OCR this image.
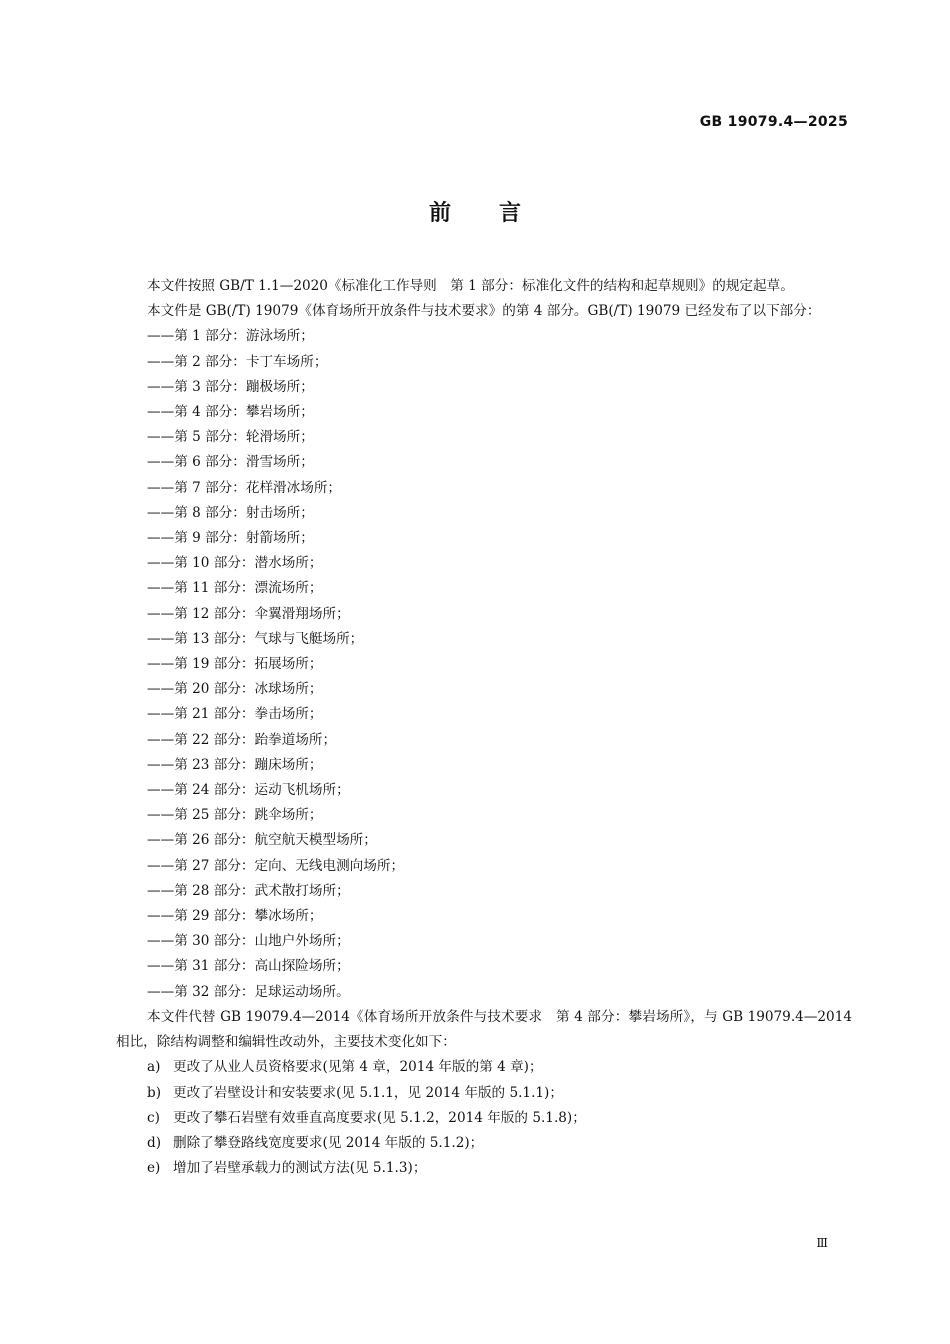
GB 19079.4—2025
前言

本文件按照 GB/T 1.1—2020《标准化工作导则　第 1 部分：标准化文件的结构和起草规则》的规定起草。

本文件是 GB(/T) 19079《体育场所开放条件与技术要求》的第 4 部分。GB(/T) 19079 已经发布了以下部分：

——第 1 部分：游泳场所；
——第 2 部分：卡丁车场所；
——第 3 部分：蹦极场所；
——第 4 部分：攀岩场所；
——第 5 部分：轮滑场所；
——第 6 部分：滑雪场所；
——第 7 部分：花样滑冰场所；
——第 8 部分：射击场所；
——第 9 部分：射箭场所；
——第 10 部分：潜水场所；
——第 11 部分：漂流场所；
——第 12 部分：伞翼滑翔场所；
——第 13 部分：气球与飞艇场所；
——第 19 部分：拓展场所；
——第 20 部分：冰球场所；
——第 21 部分：拳击场所；
——第 22 部分：跆拳道场所；
——第 23 部分：蹦床场所；
——第 24 部分：运动飞机场所；
——第 25 部分：跳伞场所；
——第 26 部分：航空航天模型场所；
——第 27 部分：定向、无线电测向场所；
——第 28 部分：武术散打场所；
——第 29 部分：攀冰场所；
——第 30 部分：山地户外场所；
——第 31 部分：高山探险场所；
——第 32 部分：足球运动场所。

本文件代替 GB 19079.4—2014《体育场所开放条件与技术要求　第 4 部分：攀岩场所》，与 GB 19079.4—2014 相比，除结构调整和编辑性改动外，主要技术变化如下：

a) 更改了从业人员资格要求(见第 4 章，2014 年版的第 4 章)；
b) 更改了岩壁设计和安装要求(见 5.1.1，见 2014 年版的 5.1.1)；
c) 更改了攀石岩壁有效垂直高度要求(见 5.1.2，2014 年版的 5.1.8)；
d) 删除了攀登路线宽度要求(见 2014 年版的 5.1.2)；
e) 增加了岩壁承载力的测试方法(见 5.1.3)；
Ⅲ
